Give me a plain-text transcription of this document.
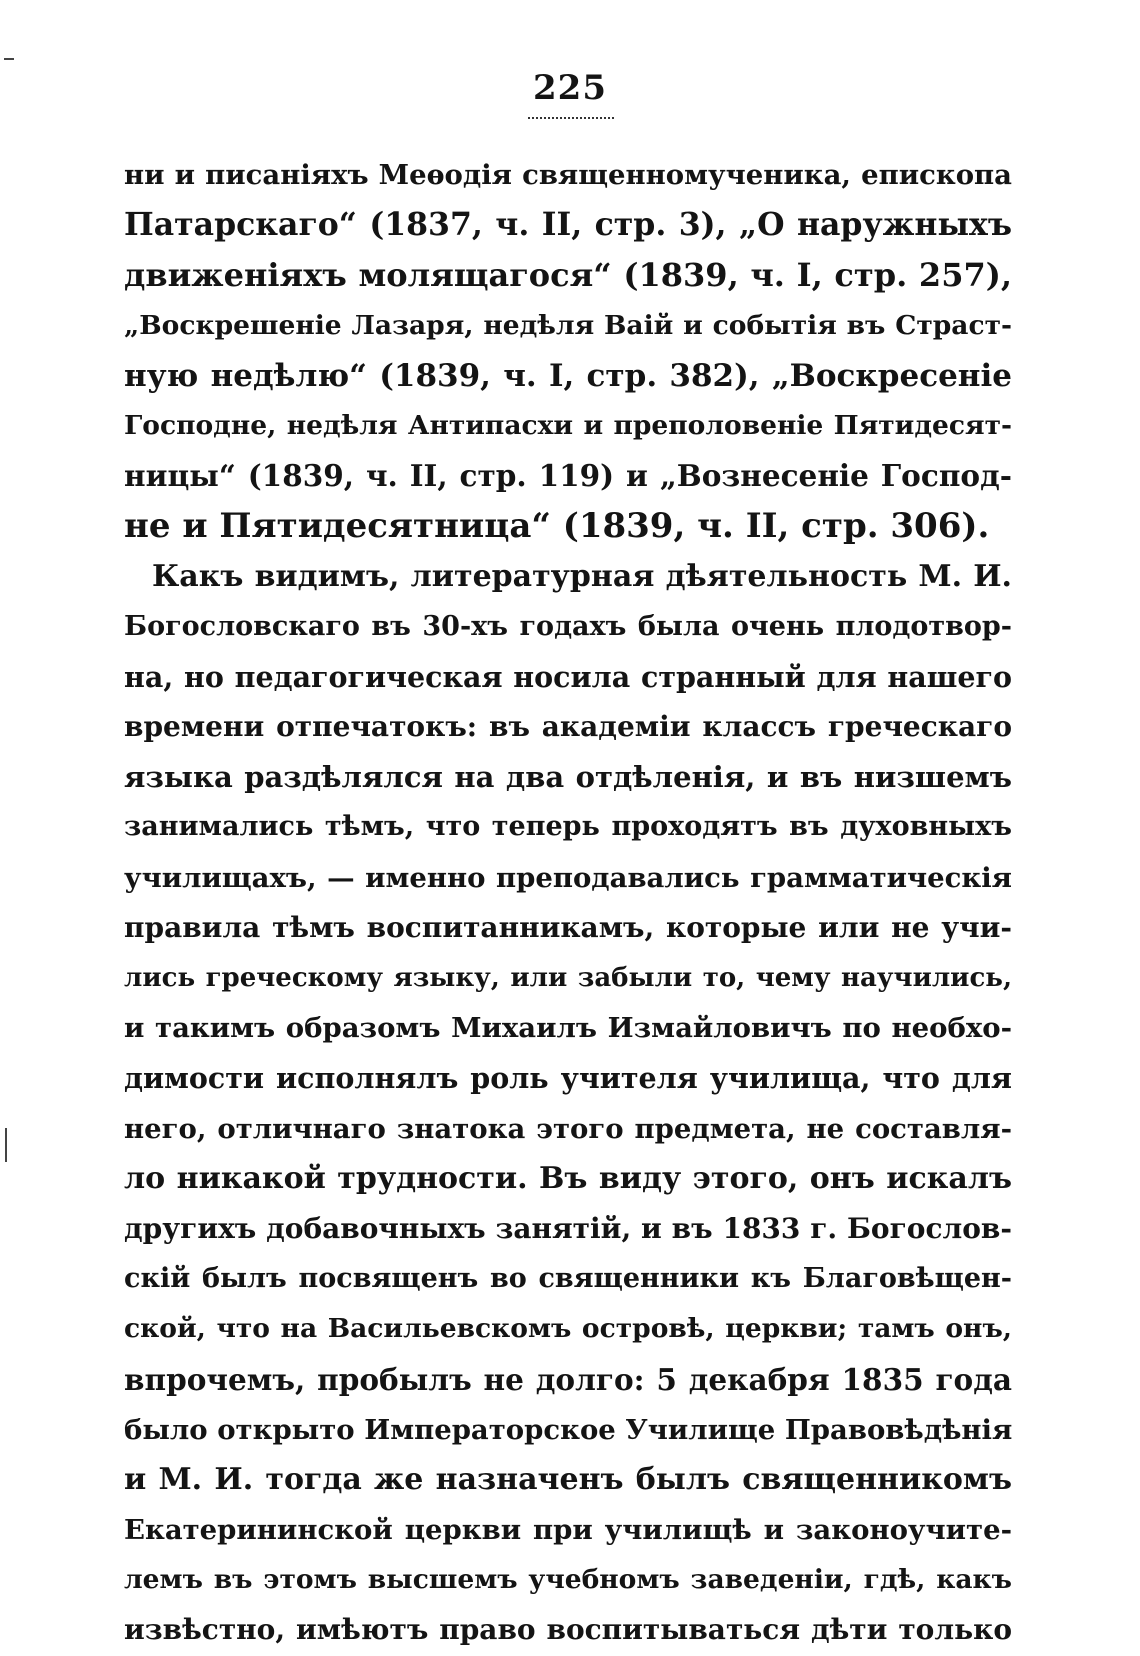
225
ни и писаніяхъ Меѳодія священномученика, епископа
Патарскаго“ (1837, ч. II, стр. 3), „О наружныхъ
движеніяхъ молящагося“ (1839, ч. I, стр. 257),
„Воскрешеніе Лазаря, недѣля Ваій и событія въ Страст-
ную недѣлю“ (1839, ч. I, стр. 382), „Воскресеніе
Господне, недѣля Антипасхи и преполовеніе Пятидесят-
ницы“ (1839, ч. II, стр. 119) и „Вознесеніе Господ-
не и Пятидесятница“ (1839, ч. II, стр. 306).
Какъ видимъ, литературная дѣятельность М. И.
Богословскаго въ 30-хъ годахъ была очень плодотвор-
на, но педагогическая носила странный для нашего
времени отпечатокъ: въ академіи классъ греческаго
языка раздѣлялся на два отдѣленія, и въ низшемъ
занимались тѣмъ, что теперь проходятъ въ духовныхъ
училищахъ, — именно преподавались грамматическія
правила тѣмъ воспитанникамъ, которые или не учи-
лись греческому языку, или забыли то, чему научились,
и такимъ образомъ Михаилъ Измайловичъ по необхо-
димости исполнялъ роль учителя училища, что для
него, отличнаго знатока этого предмета, не составля-
ло никакой трудности. Въ виду этого, онъ искалъ
другихъ добавочныхъ занятій, и въ 1833 г. Богослов-
скій былъ посвященъ во священники къ Благовѣщен-
ской, что на Васильевскомъ островѣ, церкви; тамъ онъ,
впрочемъ, пробылъ не долго: 5 декабря 1835 года
было открыто Императорское Училище Правовѣдѣнія
и М. И. тогда же назначенъ былъ священникомъ
Екатерининской церкви при училищѣ и законоучите-
лемъ въ этомъ высшемъ учебномъ заведеніи, гдѣ, какъ
извѣстно, имѣютъ право воспитываться дѣти только
